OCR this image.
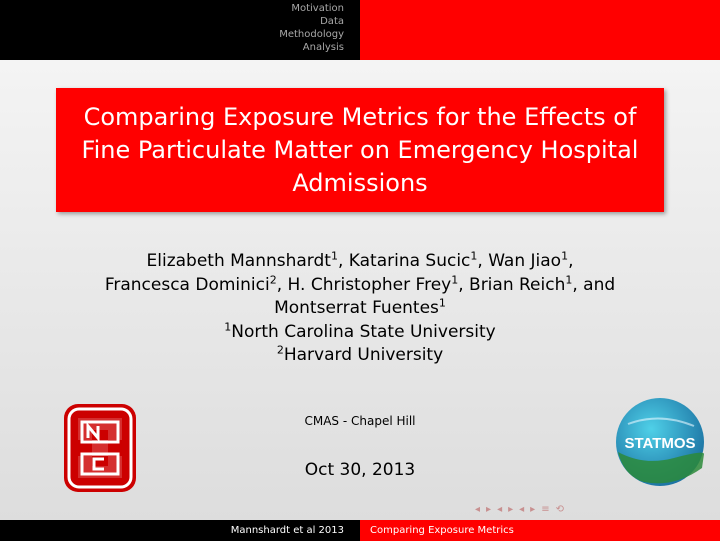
Motivation
Data
Methodology
Analysis
Comparing Exposure Metrics for the Effects of
Fine Particulate Matter on Emergency Hospital
Admissions
Elizabeth Mannshardt$^1$, Katarina Sucic$^1$, Wan Jiao$^1$,
Francesca Dominici$^2$, H. Christopher Frey$^1$, Brian Reich$^1$, and
Montserrat Fuentes$^1$
$^1$North Carolina State University
$^2$Harvard University
CMAS - Chapel Hill
Oct 30, 2013
STATMOS
◂ ▸ ◂ ▸ ◂ ▸ ≡ ⟲
Mannshardt et al 2013	Comparing Exposure Metrics
